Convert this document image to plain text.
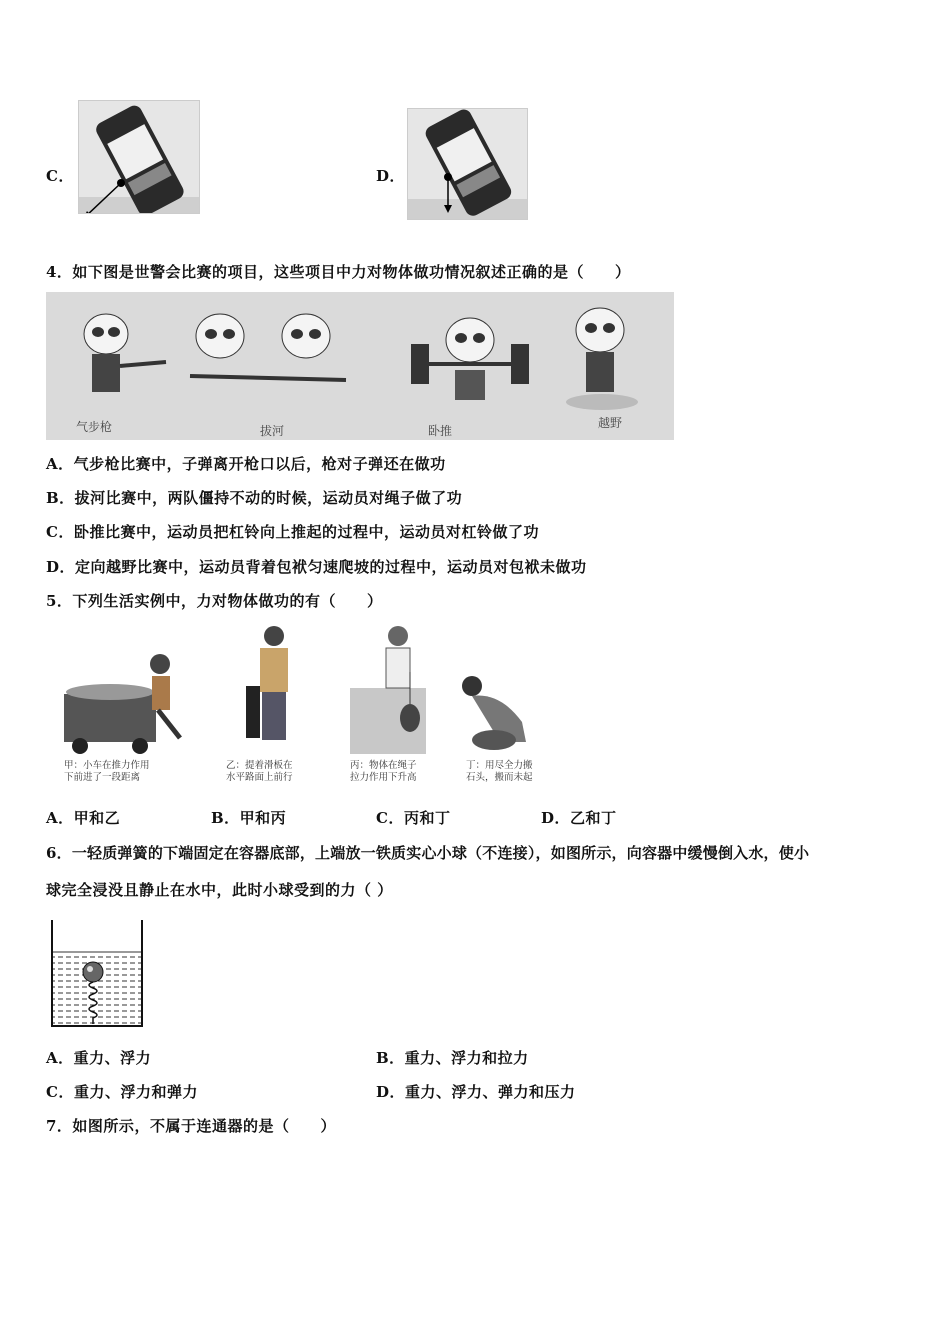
C．	D．
4．如下图是世警会比赛的项目，这些项目中力对物体做功情况叙述正确的是（　　）
气步枪	拔河	卧推
越野
A．气步枪比赛中，子弹离开枪口以后，枪对子弹还在做功
B．拔河比赛中，两队僵持不动的时候，运动员对绳子做了功
C．卧推比赛中，运动员把杠铃向上推起的过程中，运动员对杠铃做了功
D．定向越野比赛中，运动员背着包袱匀速爬坡的过程中，运动员对包袱未做功
5．下列生活实例中，力对物体做功的有（　　）
甲：小车在推力作用
下前进了一段距离
乙：提着滑板在
水平路面上前行
丙：物体在绳子
拉力作用下升高
丁：用尽全力搬
石头，搬而未起
A．甲和乙	B．甲和丙	C．丙和丁	D．乙和丁
6．一轻质弹簧的下端固定在容器底部，上端放一铁质实心小球（不连接），如图所示，向容器中缓慢倒入水，使小
球完全浸没且静止在水中，此时小球受到的力（ ）
A．重力、浮力	B．重力、浮力和拉力
C．重力、浮力和弹力	D．重力、浮力、弹力和压力
7．如图所示，不属于连通器的是（　　）
